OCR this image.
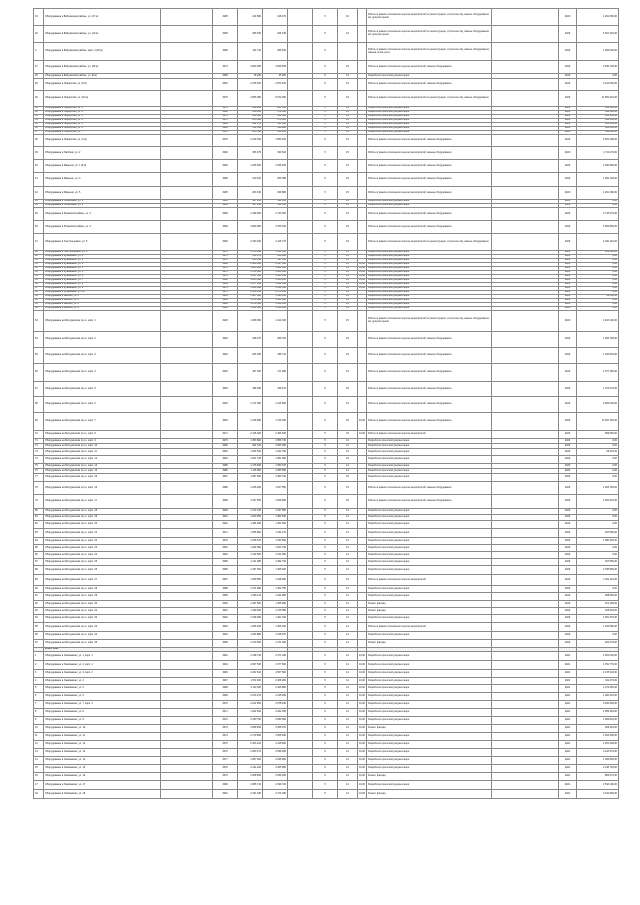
19	Оборудование в Бабушкином районе, ул. (17 м)		1995	214 580	218 470		5	16		Работы в рамках исполнения перечня мероприятий по реконструкции, строительству, замене оборудования; акт допуска принят		2020	1 291 360,00
20	Оборудование в Бабушкином районе, ул. (10 м)		1995	256 530	206 135		5	16		Работы в рамках исполнения перечня мероприятий по реконструкции, строительству, замене оборудования; акт допуска принят		2020	5 027 440,00
3	Оборудование в Бабушкином районе, корп. 4 (18 м)		1995	124 710	289 640		5			Работы в рамках исполнения перечня мероприятий по реконструкции, строительству, замене оборудования; замена узлов учёта		2020	1 483 020,00
27	Оборудование в Бабушкином районе, ул. (29 м)		1974	2 840 255	3 669 845		5	15		Работы в рамках исполнения перечня мероприятий; замена оборудования		2020	3 946 130,00
28	Оборудование в Бабушкином районе, ул. (8 м)		1958	15 230	26 000		5	13		Разработка проектной документации		2020	0,00
29	Оборудование в Лефортово, ул. (8 м)		1981	2 315 530	2 870 430		5	15		Работы в рамках исполнения перечня мероприятий; замена оборудования		2020	3 214 050,00
30	Оборудование в Лефортово, ул. (10 м)		1975	4 805 380	5 672 030		5	15		Работы в рамках исполнения перечня мероприятий по реконструкции, строительству, замене оборудования		2020	11 584 210,00
31	Оборудование в Лефортово, ул. 1		1975	238 600	281 350		5	14		Разработка проектной документации		2020	342 180,00
32	Оборудование в Лефортово, ул. 2		1968	318 230	372 000		5	14		Разработка проектной документации		2020	398 520,00
33	Оборудование в Лефортово, ул. 3		1975	318 600	301 020		5	14		Разработка проектной документации		2020	382 950,00
34	Оборудование в Лефортово, ул. 4		1978	255 800	274 620		5	14		Разработка проектной документации		2020	396 100,00
35	Оборудование в Лефортово, ул. 5		1981	292 570	310 340		5	14		Разработка проектной документации		2020	365 530,00
36	Оборудование в Лефортово, ул. 6		1966	311 040	329 880		5	14		Разработка проектной документации		2020	388 230,00
37	Оборудование в Лефортово, ул. 7		1972	305 510	330 250		5	14		Разработка проектной документации		2020	368 220,00
38	Оборудование в Лефортово, ул. (3 м)		1978	2 419 330	1 953 230		5	15		Работы в рамках исполнения перечня мероприятий; замена оборудования		2020	2 531 190,00
39	Оборудование в Люблино, ул. 2		1960	456 375	390 610		5	15		Работы в рамках исполнения перечня мероприятий; замена оборудования		2020	1 711 270,00
40	Оборудование в Марьино, ул. 1 (8 м)		1990	1 236 520	1 535 400		5	15		Работы в рамках исполнения перечня мероприятий; замена оборудования		2020	2 036 990,00
41	Оборудование в Марьино, ул. 3		1995	210 410	255 380		5	15		Работы в рамках исполнения перечня мероприятий; замена оборудования		2020	1 091 120,00
42	Оборудование в Марьино, ул. 5		1995	293 330	299 880		5	15		Работы в рамках исполнения перечня мероприятий; замена оборудования		2020	1 291 180,00
43	Оборудование в Печатниках, ул. 1		1994	147 450	119 550		5	13		Разработка проектной документации		2020	0,00
44	Оборудование в Печатниках, ул. 2		1994	147 450	119 550		5	13		Разработка проектной документации		2020	0,00
45	Оборудование в Рязанском районе, ул. 3		1958	2 199 900	2 743 300		5	15		Работы в рамках исполнения перечня мероприятий; замена оборудования		2020	3 743 970,00
46	Оборудование в Рязанском районе, ул. 4		1959	2 890 000	3 760 340		5	15		Работы в рамках исполнения перечня мероприятий; замена оборудования		2020	3 904 850,00
47	Оборудование в Текстильщиках, ул. 5		1966	2 343 320	2 116 770		5	15		Работы в рамках исполнения перечня мероприятий по реконструкции, строительству, замене оборудования		2020	4 220 140,00
48	Оборудование в Текстильщиках, ул. 6		1973	1 178 840	1 510 550		5	13		Разработка проектной документации		2020	296 390,00
49	Оборудование в Кузьминках, ул. 1		1973	159 470	214 980		5	13		Разработка проектной документации		2020	0,00
50	Оборудование в Кузьминках, ул. 2		1973	255 010	307 110		5	13		Разработка проектной документации		2020	0,00
51	Оборудование в Кузьминках, ул. 3		1980	2 180 000	2 417 340		5	14	10,00	Разработка проектной документации		2020	0,00
52	Оборудование в Кузьминках, ул. 4		1976	1 283 000	1 489 400		5	14	10,00	Разработка проектной документации		2020	0,00
53	Оборудование в Кузьминках, ул. 5		1976	1 174 000	1 361 990		5	14	10,00	Разработка проектной документации		2020	0,00
54	Оборудование в Кузьминках, ул. 6		1974	1 247 810	1 405 410		5	14	10,00	Разработка проектной документации		2020	0,00
55	Оборудование в Кузьминках, ул. 7		1968	1 205 580	1 358 450		5	14	10,00	Разработка проектной документации		2020	0,00
56	Оборудование в Кузьминках, ул. 8		1969	1 277 850	1 432 180		5	14	10,00	Разработка проектной документации		2020	0,00
57	Оборудование в Кузьминках, ул. 9		1974	1 350 690	1 512 310		5	14	10,00	Разработка проектной документации		2020	0,00
58	Оборудование в Кузьминках, ул. 10		1975	2 006 530	2 273 290		5	14		Разработка проектной документации		2020	0,00
59	Оборудование в Выхино, ул. 1		1985	1 187 900	1 396 010		5	14		Разработка проектной документации		2020	36 330,00
60	Оборудование в Выхино, ул. 2		1983	1 213 580	1 423 890		5	14		Разработка проектной документации		2020	0,00
61	Оборудование в Выхино, ул. 3		1984	1 274 030	1 502 120		5	14		Разработка проектной документации		2020	0,00
62	Оборудование в Выхино, ул. 4		1986	1 293 320	1 518 040		5	14		Разработка проектной документации		2020	0,00
63	Оборудование на Мичуринском пр-те, корп. 1		1993	1 308 360	1 214 330		5	15		Работы в рамках исполнения перечня мероприятий по реконструкции, строительству, замене оборудования; акт допуска принят		2020	4 163 120,00
64	Оборудование на Мичуринском пр-те, корп. 2		1993	296 270	286 760		5	15		Работы в рамках исполнения перечня мероприятий; замена оборудования		2020	1 394 790,00
65	Оборудование на Мичуринском пр-те, корп. 3		1993	205 040	186 710		5	15		Работы в рамках исполнения перечня мероприятий; замена оборудования		2020	1 106 830,00
66	Оборудование на Мичуринском пр-те, корп. 4		1993	187 340	171 280		5	15		Работы в рамках исполнения перечня мероприятий; замена оборудования		2020	1 077 180,00
67	Оборудование на Мичуринском пр-те, корп. 5		1993	186 030	169 470		5	15		Работы в рамках исполнения перечня мероприятий; замена оборудования		2020	1 073 270,00
68	Оборудование на Мичуринском пр-те, корп. 6		1993	1 171 650	1 216 560		5	15		Работы в рамках исполнения перечня мероприятий; замена оборудования		2020	2 594 030,00
69	Оборудование на Мичуринском пр-те, корп. 7		1993	1 415 950	1 746 030		5	15	10,00	Работы в рамках исполнения перечня мероприятий; замена оборудования		2020	11 067 150,00
70	Оборудование на Мичуринском пр-те, корп. 8		1971	2 145 300	2 466 630		5	15	10,00	Работы в рамках исполнения перечня мероприятий		2020	586 050,00
71	Оборудование на Мичуринском пр-те, корп. 9		1976	1 353 690	1 556 740		5	14		Разработка проектной документации		2020	0,00
72	Оборудование на Мичуринском пр-те, корп. 10		1980	924 310	1 063 300		5	14		Разработка проектной документации		2020	0,00
73	Оборудование на Мичуринском пр-те, корп. 11		1983	1 254 610	1 442 790		5	15		Разработка проектной документации		2020	66 310,00
74	Оборудование на Мичуринском пр-те, корп. 12		1984	1 201 730	1 381 990		5	15		Разработка проектной документации		2020	0,00
75	Оборудование на Мичуринском пр-те, корп. 13		1985	1 176 840	1 353 370		5	14		Разработка проектной документации		2020	0,00
76	Оборудование на Мичуринском пр-те, корп. 14		1986	1 115 960	1 283 350		5	14		Разработка проектной документации		2020	0,00
77	Оборудование на Мичуринском пр-те, корп. 15		1987	1 287 600	1 480 740		5	15		Разработка проектной документации		2020	0,00
78	Оборудование на Мичуринском пр-те, корп. 16		1988	1 415 260	1 627 550		5	15		Работы в рамках исполнения перечня мероприятий; замена оборудования		2020	1 263 150,00
79	Оборудование на Мичуринском пр-те, корп. 17		1989	1 327 550	1 526 680		5	15		Работы в рамках исполнения перечня мероприятий; замена оборудования		2020	2 351 510,00
80	Оборудование на Мичуринском пр-те, корп. 18		1990	1 172 130	1 347 950		5	14		Разработка проектной документации		2020	0,00
81	Оборудование на Мичуринском пр-те, корп. 19		1991	1 203 950	1 384 540		5	14		Разработка проектной документации		2020	0,00
82	Оборудование на Мичуринском пр-те, корп. 20		1992	1 184 000	1 361 600		5	14		Разработка проектной документации		2020	0,00
83	Оборудование на Мичуринском пр-те, корп. 21		1971	1 255 800	1 444 170		5	14		Разработка проектной документации		2020	367 880,00
84	Оборудование на Мичуринском пр-те, корп. 22		1978	1 246 570	1 433 560		5	14		Разработка проектной документации		2020	1 086 330,00
85	Оборудование на Мичуринском пр-те, корп. 23		1981	1 324 990	1 523 740		5	14		Разработка проектной документации		2020	0,00
86	Оборудование на Мичуринском пр-те, корп. 24		1984	1 142 660	1 314 060		5	14		Разработка проектной документации		2020	0,00
87	Оборудование на Мичуринском пр-те, корп. 25		1985	1 211 080	1 392 740		5	14		Разработка проектной документации		2020	307 650,00
88	Оборудование на Мичуринском пр-те, корп. 26		1986	1 187 300	1 365 400		5	14		Разработка проектной документации		2020	2 798 950,00
89	Оборудование на Мичуринском пр-те, корп. 27		1987	1 259 550	1 448 480		5	15		Работы в рамках исполнения перечня мероприятий		2020	1 021 110,00
90	Оборудование на Мичуринском пр-те, корп. 28		1988	1 271 960	1 462 750		5	14		Разработка проектной документации		2020	0,00
91	Оборудование на Мичуринском пр-те, корп. 29		1989	1 239 110	1 424 980		5	14		Разработка проектной документации		2020	388 050,00
92	Оборудование на Мичуринском пр-те, корп. 30		1990	1 187 820	1 365 990		5	14		Ремонт фасада		2020	451 190,00
93	Оборудование на Мичуринском пр-те, корп. 31		1991	1 199 460	1 379 380		5	14		Ремонт фасада		2020	325 910,00
94	Оборудование на Мичуринском пр-те, корп. 32		1992	1 218 390	1 401 150		5	14		Разработка проектной документации		2020	4 051 370,00
95	Оборудование на Мичуринском пр-те, корп. 33		1993	1 265 230	1 455 010		5	14		Работы в рамках исполнения перечня мероприятий		2020	1 152 580,00
96	Оборудование на Мичуринском пр-те, корп. 34		1994	1 233 880	1 418 970		5	14		Разработка проектной документации		2020	0,00
97	Оборудование на Мичуринском пр-те, корп. 35		1995	1 279 300	1 471 200		5	14		Ремонт фасада		2020	281 270,00
	Итого: 2021												
1	Оборудование в Хамовниках, ул. 1, корп. 1		1962	2 148 730	2 471 040		5	14	10,00	Разработка проектной документации		2021	2 361 030,00
2	Оборудование в Хамовниках, ул. 2, корп. 1		1964	2 067 530	2 377 660		5	14	10,00	Разработка проектной документации		2021	1 351 770,00
3	Оборудование в Хамовниках, ул. 3, корп. 2		1966	2 232 610	2 567 500		5	14	10,00	Разработка проектной документации		2021	2 178 020,00
4	Оборудование в Хамовниках, ул. 4		1967	1 972 400	2 268 260		5	14	10,00	Разработка проектной документации		2021	331 470,00
5	Оборудование в Хамовниках, ул. 5		1968	2 110 330	2 426 880		5	14	10,00	Разработка проектной документации		2021	1 274 050,00
6	Оборудование в Хамовниках, ул. 6		1969	2 013 270	2 315 260		5	14	10,00	Разработка проектной документации		2021	1 020 310,00
7	Оборудование в Хамовниках, ул. 7, корп. 3		1970	2 241 950	2 578 240		5	14	10,00	Разработка проектной документации		2021	3 206 330,00
8	Оборудование в Хамовниках, ул. 8		1971	1 914 810	2 202 030		5	14	10,00	Разработка проектной документации		2021	2 059 440,00
9	Оборудование в Хамовниках, ул. 9		1972	2 330 750	2 680 360		5	14	10,00	Разработка проектной документации		2021	1 084 810,00
10	Оборудование в Хамовниках, ул. 10		1973	2 059 450	2 368 370		5	14	10,00	Ремонт фасада		2021	966 410,00
11	Оборудование в Хамовниках, ул. 11		1974	2 179 860	2 506 840		5	14	10,00	Разработка проектной документации		2021	1 543 300,00
12	Оборудование в Хамовниках, ул. 12		1975	2 103 410	2 418 920		5	14	10,00	Разработка проектной документации		2021	1 251 200,00
13	Оборудование в Хамовниках, ул. 13		1976	2 260 170	2 599 200		5	14	10,00	Разработка проектной документации		2021	3 120 570,00
14	Оборудование в Хамовниках, ул. 14		1977	1 997 300	2 296 900		5	14	10,00	Разработка проектной документации		2021	1 029 560,00
15	Оборудование в Хамовниках, ул. 15		1978	2 144 220	2 465 850		5	14	10,00	Разработка проектной документации		2021	2 138 740,00
16	Оборудование в Хамовниках, ул. 16		1979	2 208 850	2 540 180		5	14	10,00	Ремонт фасада		2021	882 570,00
17	Оборудование в Хамовниках, ул. 17		1980	2 086 710	2 399 720		5	14	10,00	Разработка проектной документации		2021	2 516 190,00
18	Оборудование в Хамовниках, ул. 18		1981	2 151 330	2 474 030		5	14	10,00	Ремонт фасада		2021	3 102 890,00
